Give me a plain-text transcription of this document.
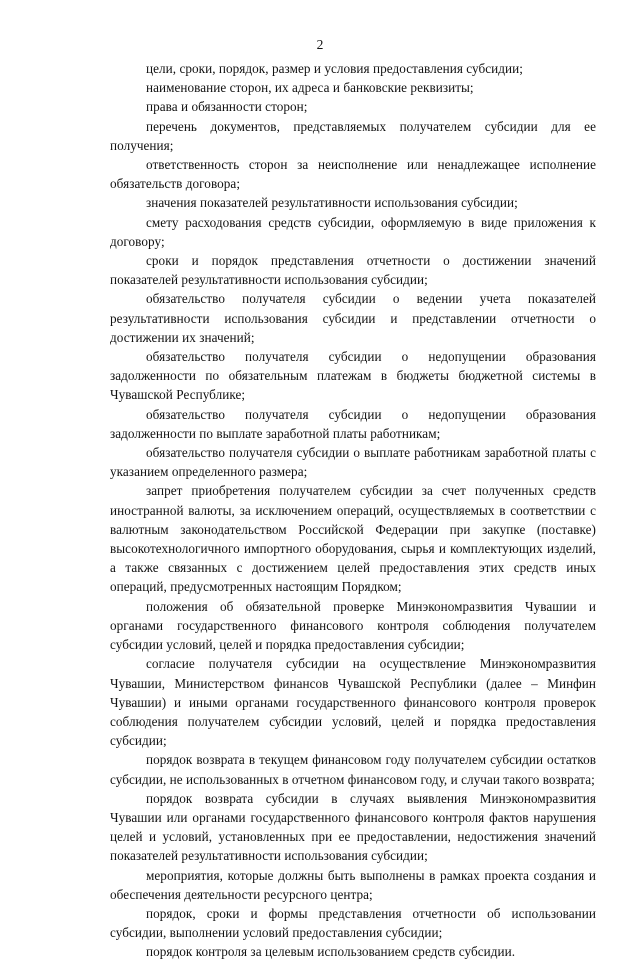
2

цели, сроки, порядок, размер и условия предоставления субсидии;

наименование сторон, их адреса и банковские реквизиты;

права и обязанности сторон;

перечень документов, представляемых получателем субсидии для ее получения;

ответственность сторон за неисполнение или ненадлежащее исполнение обязательств договора;

значения показателей результативности использования субсидии;

смету расходования средств субсидии, оформляемую в виде приложения к договору;

сроки и порядок представления отчетности о достижении значений показателей результативности использования субсидии;

обязательство получателя субсидии о ведении учета показателей результативности использования субсидии и представлении отчетности о достижении их значений;

обязательство получателя субсидии о недопущении образования задолженности по обязательным платежам в бюджеты бюджетной системы в Чувашской Республике;

обязательство получателя субсидии о недопущении образования задолженности по выплате заработной платы работникам;

обязательство получателя субсидии о выплате работникам заработной платы с указанием определенного размера;

запрет приобретения получателем субсидии за счет полученных средств иностранной валюты, за исключением операций, осуществляемых в соответствии с валютным законодательством Российской Федерации при закупке (поставке) высокотехнологичного импортного оборудования, сырья и комплектующих изделий, а также связанных с достижением целей предоставления этих средств иных операций, предусмотренных настоящим Порядком;

положения об обязательной проверке Минэкономразвития Чувашии и органами государственного финансового контроля соблюдения получателем субсидии условий, целей и порядка предоставления субсидии;

согласие получателя субсидии на осуществление Минэкономразвития Чувашии, Министерством финансов Чувашской Республики (далее – Минфин Чувашии) и иными органами государственного финансового контроля проверок соблюдения получателем субсидии условий, целей и порядка предоставления субсидии;

порядок возврата в текущем финансовом году получателем субсидии остатков субсидии, не использованных в отчетном финансовом году, и случаи такого возврата;

порядок возврата субсидии в случаях выявления Минэкономразвития Чувашии или органами государственного финансового контроля фактов нарушения целей и условий, установленных при ее предоставлении, недостижения значений показателей результативности использования субсидии;

мероприятия, которые должны быть выполнены в рамках проекта создания и обеспечения деятельности ресурсного центра;

порядок, сроки и формы представления отчетности об использовании субсидии, выполнении условий предоставления субсидии;

порядок контроля за целевым использованием средств субсидии.
